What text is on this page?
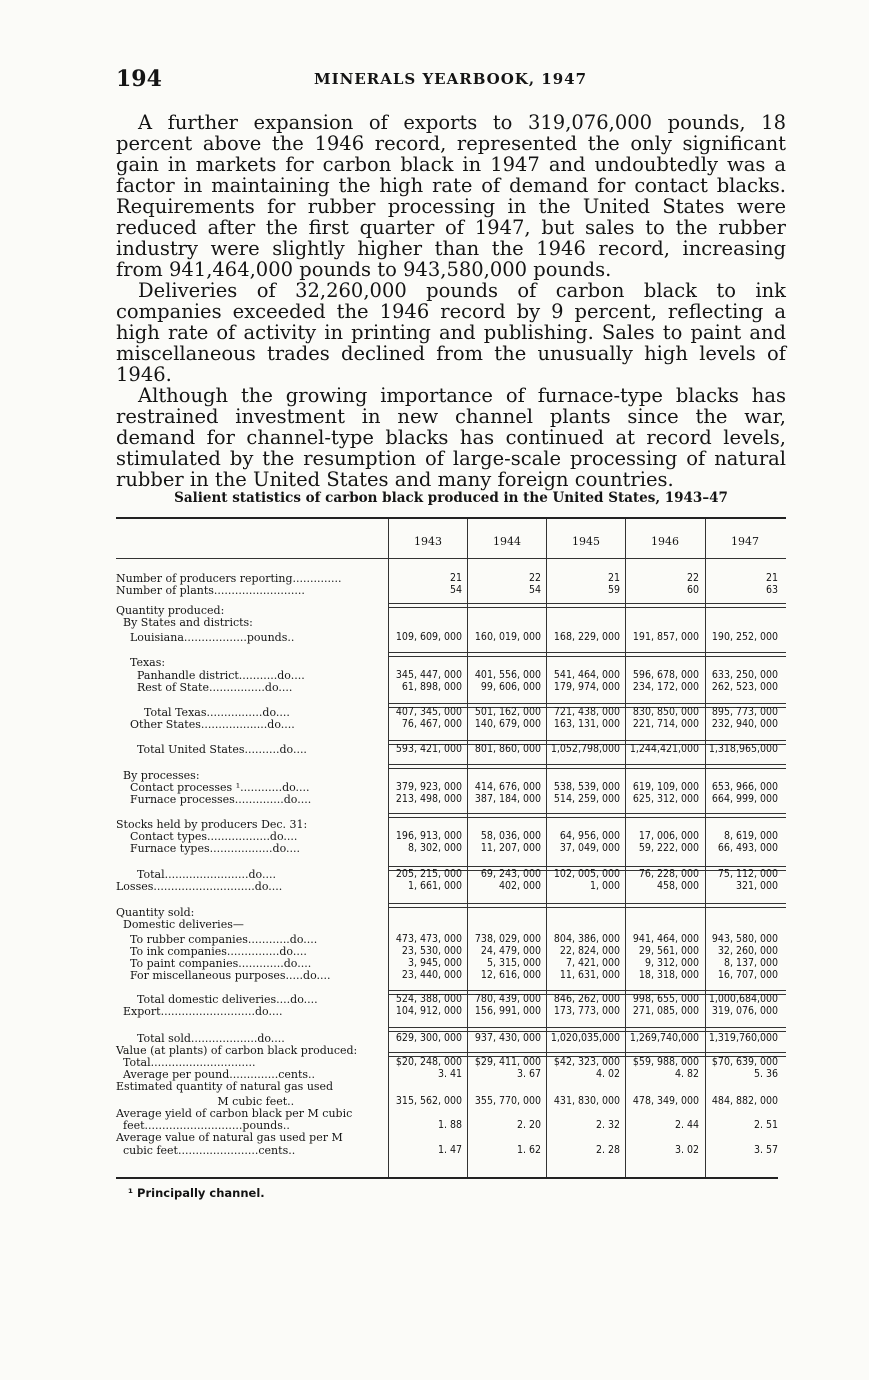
194	MINERALS YEARBOOK, 1947

A further expansion of exports to 319,076,000 pounds, 18 percent above the 1946 record, represented the only significant gain in markets for carbon black in 1947 and undoubtedly was a factor in maintaining the high rate of demand for contact blacks. Requirements for rubber processing in the United States were reduced after the first quarter of 1947, but sales to the rubber industry were slightly higher than the 1946 record, increasing from 941,464,000 pounds to 943,580,000 pounds.

Deliveries of 32,260,000 pounds of carbon black to ink companies exceeded the 1946 record by 9 percent, reflecting a high rate of activity in printing and publishing. Sales to paint and miscellaneous trades declined from the unusually high levels of 1946.

Although the growing importance of furnace-type blacks has restrained investment in new channel plants since the war, demand for channel-type blacks has continued at record levels, stimulated by the resumption of large-scale processing of natural rubber in the United States and many foreign countries.

Salient statistics of carbon black produced in the United States, 1943–47
1943	1944	1945	1946	1947
Number of producers reporting..............	21	22	21	22	21
Number of plants..........................	54	54	59	60	63
Quantity produced:
By States and districts:
Louisiana..................pounds..	109, 609, 000	160, 019, 000	168, 229, 000	191, 857, 000	190, 252, 000
Texas:
Panhandle district...........do....	345, 447, 000	401, 556, 000	541, 464, 000	596, 678, 000	633, 250, 000
Rest of State................do....	61, 898, 000	99, 606, 000	179, 974, 000	234, 172, 000	262, 523, 000
Total Texas................do....	407, 345, 000	501, 162, 000	721, 438, 000	830, 850, 000	895, 773, 000
Other States...................do....	76, 467, 000	140, 679, 000	163, 131, 000	221, 714, 000	232, 940, 000
Total United States..........do....	593, 421, 000	801, 860, 000 1,052,798,000 1,244,421,000 1,318,965,000
By processes:
Contact processes ¹............do....	379, 923, 000	414, 676, 000	538, 539, 000	619, 109, 000	653, 966, 000
Furnace processes..............do....	213, 498, 000	387, 184, 000	514, 259, 000	625, 312, 000	664, 999, 000
Stocks held by producers Dec. 31:
Contact types..................do....	196, 913, 000	58, 036, 000	64, 956, 000	17, 006, 000	8, 619, 000
Furnace types..................do....	8, 302, 000	11, 207, 000	37, 049, 000	59, 222, 000	66, 493, 000
Total........................do....	205, 215, 000	69, 243, 000	102, 005, 000	76, 228, 000	75, 112, 000
Losses.............................do....	1, 661, 000	402, 000	1, 000	458, 000	321, 000
Quantity sold:
Domestic deliveries—
To rubber companies............do....	473, 473, 000	738, 029, 000	804, 386, 000	941, 464, 000	943, 580, 000
To ink companies...............do....	23, 530, 000	24, 479, 000	22, 824, 000	29, 561, 000	32, 260, 000
To paint companies.............do....	3, 945, 000	5, 315, 000	7, 421, 000	9, 312, 000	8, 137, 000
For miscellaneous purposes.....do....	23, 440, 000	12, 616, 000	11, 631, 000	18, 318, 000	16, 707, 000
Total domestic deliveries....do....	524, 388, 000	780, 439, 000	846, 262, 000	998, 655, 000 1,000,684,000
Export...........................do....	104, 912, 000	156, 991, 000	173, 773, 000	271, 085, 000	319, 076, 000
Total sold...................do....	629, 300, 000	937, 430, 000 1,020,035,000 1,269,740,000 1,319,760,000
Value (at plants) of carbon black produced:
Total..............................	$20, 248, 000	$29, 411, 000	$42, 323, 000	$59, 988, 000	$70, 639, 000
Average per pound..............cents..	3. 41	3. 67	4. 02	4. 82	5. 36
Estimated quantity of natural gas used
M cubic feet..	315, 562, 000	355, 770, 000	431, 830, 000	478, 349, 000	484, 882, 000
Average yield of carbon black per M cubic
feet............................pounds..	1. 88	2. 20	2. 32	2. 44	2. 51
Average value of natural gas used per M
cubic feet.......................cents..	1. 47	1. 62	2. 28	3. 02	3. 57
¹ Principally channel.
